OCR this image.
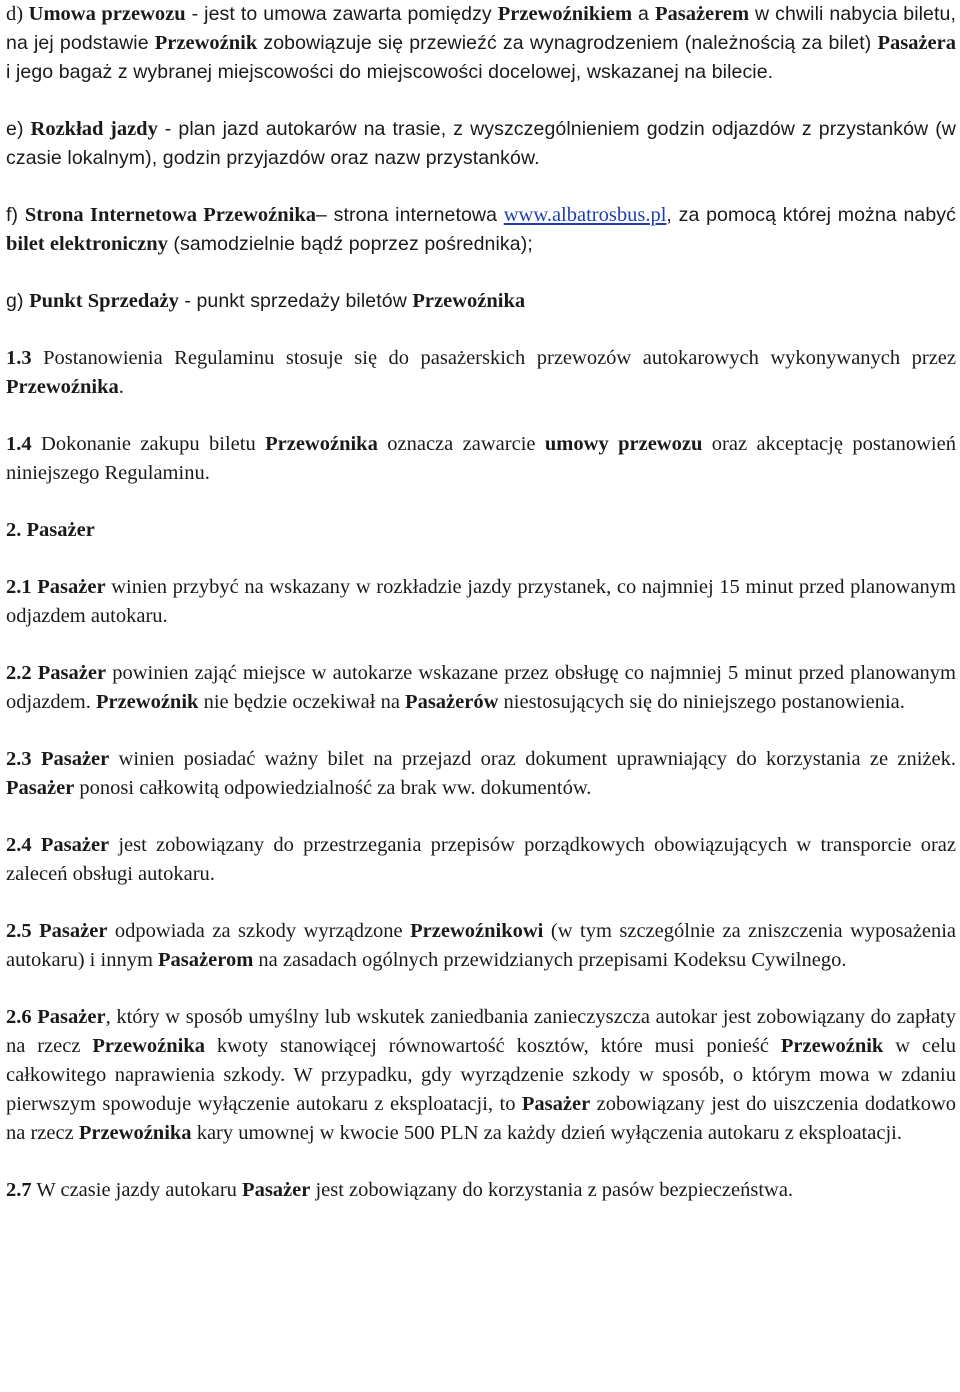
d) Umowa przewozu - jest to umowa zawarta pomiędzy Przewoźnikiem a Pasażerem w chwili nabycia biletu, na jej podstawie Przewoźnik zobowiązuje się przewieźć za wynagrodzeniem (należnością za bilet) Pasażera i jego bagaż z wybranej miejscowości do miejscowości docelowej, wskazanej na bilecie.

e) Rozkład jazdy - plan jazd autokarów na trasie, z wyszczególnieniem godzin odjazdów z przystanków (w czasie lokalnym), godzin przyjazdów oraz nazw przystanków.

f) Strona Internetowa Przewoźnika– strona internetowa www.albatrosbus.pl, za pomocą której można nabyć bilet elektroniczny (samodzielnie bądź poprzez pośrednika);

g) Punkt Sprzedaży - punkt sprzedaży biletów Przewoźnika

1.3 Postanowienia Regulaminu stosuje się do pasażerskich przewozów autokarowych wykonywanych przez Przewoźnika.

1.4 Dokonanie zakupu biletu Przewoźnika oznacza zawarcie umowy przewozu oraz akceptację postanowień niniejszego Regulaminu.

2. Pasażer

2.1 Pasażer winien przybyć na wskazany w rozkładzie jazdy przystanek, co najmniej 15 minut przed planowanym odjazdem autokaru.

2.2 Pasażer powinien zająć miejsce w autokarze wskazane przez obsługę co najmniej 5 minut przed planowanym odjazdem. Przewoźnik nie będzie oczekiwał na Pasażerów niestosujących się do niniejszego postanowienia.

2.3 Pasażer winien posiadać ważny bilet na przejazd oraz dokument uprawniający do korzystania ze zniżek. Pasażer ponosi całkowitą odpowiedzialność za brak ww. dokumentów.

2.4 Pasażer jest zobowiązany do przestrzegania przepisów porządkowych obowiązujących w transporcie oraz zaleceń obsługi autokaru.

2.5 Pasażer odpowiada za szkody wyrządzone Przewoźnikowi (w tym szczególnie za zniszczenia wyposażenia autokaru) i innym Pasażerom na zasadach ogólnych przewidzianych przepisami Kodeksu Cywilnego.

2.6 Pasażer, który w sposób umyślny lub wskutek zaniedbania zanieczyszcza autokar jest zobowiązany do zapłaty na rzecz Przewoźnika kwoty stanowiącej równowartość kosztów, które musi ponieść Przewoźnik w celu całkowitego naprawienia szkody. W przypadku, gdy wyrządzenie szkody w sposób, o którym mowa w zdaniu pierwszym spowoduje wyłączenie autokaru z eksploatacji, to Pasażer zobowiązany jest do uiszczenia dodatkowo na rzecz Przewoźnika kary umownej w kwocie 500 PLN za każdy dzień wyłączenia autokaru z eksploatacji.

2.7 W czasie jazdy autokaru Pasażer jest zobowiązany do korzystania z pasów bezpieczeństwa.
